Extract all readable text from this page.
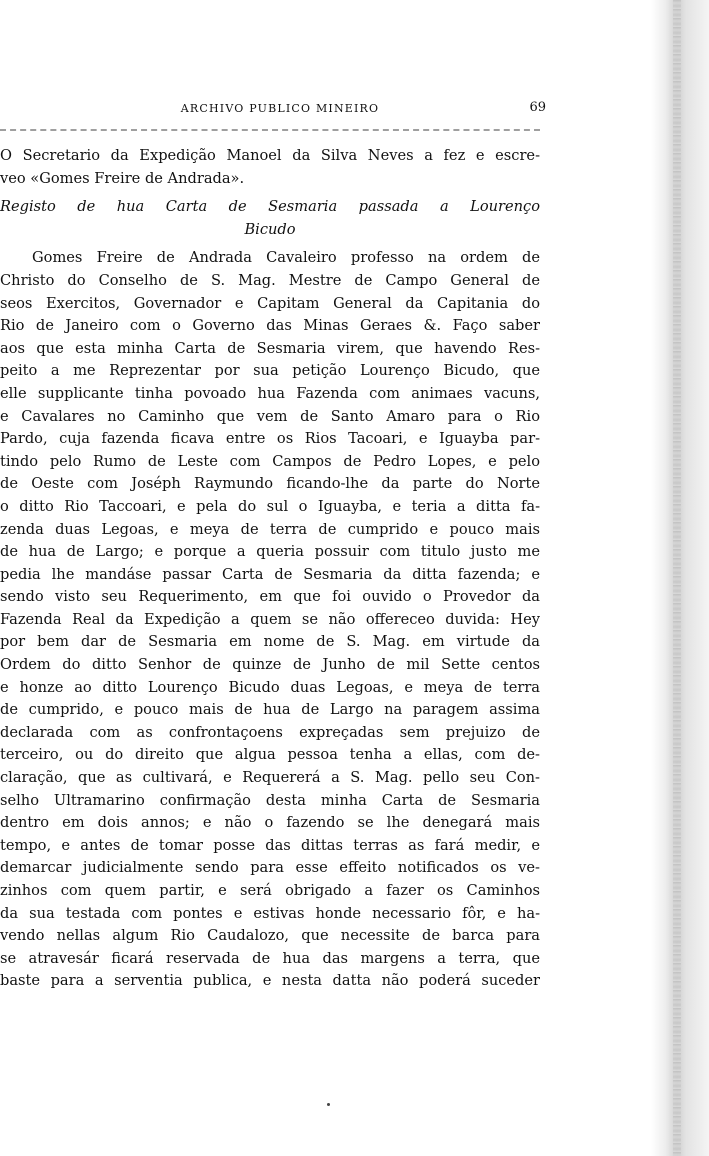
ARCHIVO PUBLICO MINEIRO	69
O Secretario da Expedição Manoel da Silva Neves a fez e escre-
veo «Gomes Freire de Andrada».
Registo de hua Carta de Sesmaria passada a Lourenço
Bicudo
Gomes Freire de Andrada Cavaleiro professo na ordem de
Christo do Conselho de S. Mag. Mestre de Campo General de
seos Exercitos, Governador e Capitam General da Capitania do
Rio de Janeiro com o Governo das Minas Geraes &. Faço saber
aos que esta minha Carta de Sesmaria virem, que havendo Res-
peito a me Reprezentar por sua petição Lourenço Bicudo, que
elle supplicante tinha povoado hua Fazenda com animaes vacuns,
e Cavalares no Caminho que vem de Santo Amaro para o Rio
Pardo, cuja fazenda ficava entre os Rios Tacoari, e Iguayba par-
tindo pelo Rumo de Leste com Campos de Pedro Lopes, e pelo
de Oeste com Joséph Raymundo ficando-lhe da parte do Norte
o ditto Rio Taccoari, e pela do sul o Iguayba, e teria a ditta fa-
zenda duas Legoas, e meya de terra de cumprido e pouco mais
de hua de Largo; e porque a queria possuir com titulo justo me
pedia lhe mandáse passar Carta de Sesmaria da ditta fazenda; e
sendo visto seu Requerimento, em que foi ouvido o Provedor da
Fazenda Real da Expedição a quem se não offereceo duvida: Hey
por bem dar de Sesmaria em nome de S. Mag. em virtude da
Ordem do ditto Senhor de quinze de Junho de mil Sette centos
e honze ao ditto Lourenço Bicudo duas Legoas, e meya de terra
de cumprido, e pouco mais de hua de Largo na paragem assima
declarada com as confrontaçoens expreçadas sem prejuizo de
terceiro, ou do direito que algua pessoa tenha a ellas, com de-
claração, que as cultivará, e Requererá a S. Mag. pello seu Con-
selho Ultramarino confirmação desta minha Carta de Sesmaria
dentro em dois annos; e não o fazendo se lhe denegará mais
tempo, e antes de tomar posse das dittas terras as fará medir, e
demarcar judicialmente sendo para esse effeito notificados os ve-
zinhos com quem partir, e será obrigado a fazer os Caminhos
da sua testada com pontes e estivas honde necessario fôr, e ha-
vendo nellas algum Rio Caudalozo, que necessite de barca para
se atravesár ficará reservada de hua das margens a terra, que
baste para a serventia publica, e nesta datta não poderá suceder
